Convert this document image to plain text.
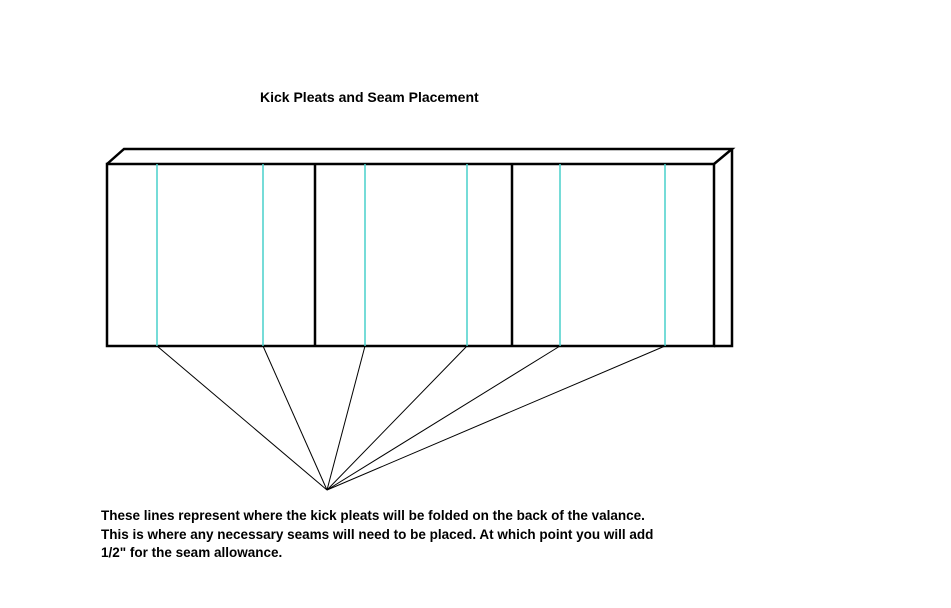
Kick Pleats and Seam Placement
These lines represent where the kick pleats will be folded on the back of the valance.
This is where any necessary seams will need to be placed. At which point you will add
1/2" for the seam allowance.
